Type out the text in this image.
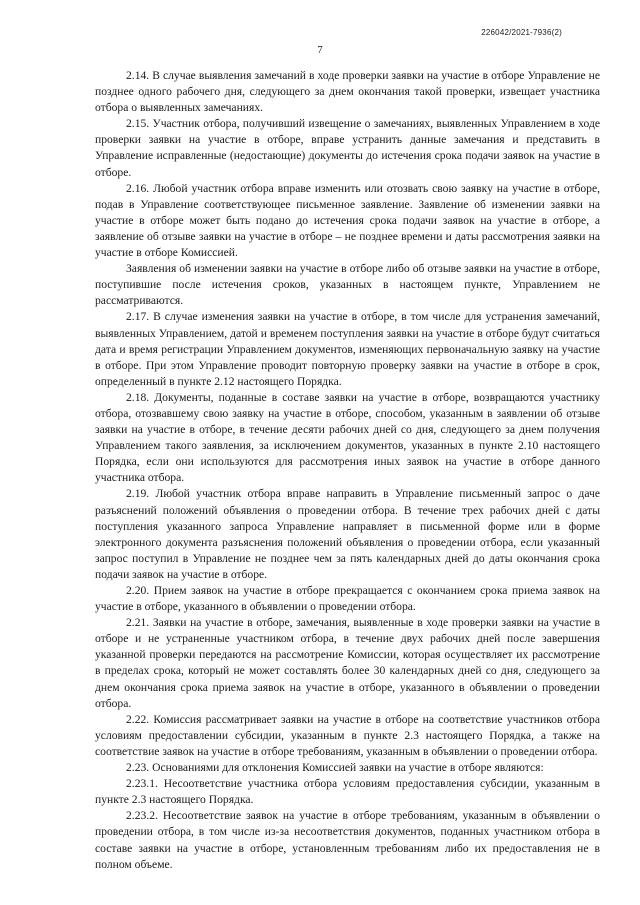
226042/2021-7936(2)
7

2.14. В случае выявления замечаний в ходе проверки заявки на участие в отборе Управление не позднее одного рабочего дня, следующего за днем окончания такой проверки, извещает участника отбора о выявленных замечаниях.

2.15. Участник отбора, получивший извещение о замечаниях, выявленных Управлением в ходе проверки заявки на участие в отборе, вправе устранить данные замечания и представить в Управление исправленные (недостающие) документы до истечения срока подачи заявок на участие в отборе.

2.16. Любой участник отбора вправе изменить или отозвать свою заявку на участие в отборе, подав в Управление соответствующее письменное заявление. Заявление об изменении заявки на участие в отборе может быть подано до истечения срока подачи заявок на участие в отборе, а заявление об отзыве заявки на участие в отборе – не позднее времени и даты рассмотрения заявки на участие в отборе Комиссией.

Заявления об изменении заявки на участие в отборе либо об отзыве заявки на участие в отборе, поступившие после истечения сроков, указанных в настоящем пункте, Управлением не рассматриваются.

2.17. В случае изменения заявки на участие в отборе, в том числе для устранения замечаний, выявленных Управлением, датой и временем поступления заявки на участие в отборе будут считаться дата и время регистрации Управлением документов, изменяющих первоначальную заявку на участие в отборе. При этом Управление проводит повторную проверку заявки на участие в отборе в срок, определенный в пункте 2.12 настоящего Порядка.

2.18. Документы, поданные в составе заявки на участие в отборе, возвращаются участнику отбора, отозвавшему свою заявку на участие в отборе, способом, указанным в заявлении об отзыве заявки на участие в отборе, в течение десяти рабочих дней со дня, следующего за днем получения Управлением такого заявления, за исключением документов, указанных в пункте 2.10 настоящего Порядка, если они используются для рассмотрения иных заявок на участие в отборе данного участника отбора.

2.19. Любой участник отбора вправе направить в Управление письменный запрос о даче разъяснений положений объявления о проведении отбора. В течение трех рабочих дней с даты поступления указанного запроса Управление направляет в письменной форме или в форме электронного документа разъяснения положений объявления о проведении отбора, если указанный запрос поступил в Управление не позднее чем за пять календарных дней до даты окончания срока подачи заявок на участие в отборе.

2.20. Прием заявок на участие в отборе прекращается с окончанием срока приема заявок на участие в отборе, указанного в объявлении о проведении отбора.

2.21. Заявки на участие в отборе, замечания, выявленные в ходе проверки заявки на участие в отборе и не устраненные участником отбора, в течение двух рабочих дней после завершения указанной проверки передаются на рассмотрение Комиссии, которая осуществляет их рассмотрение в пределах срока, который не может составлять более 30 календарных дней со дня, следующего за днем окончания срока приема заявок на участие в отборе, указанного в объявлении о проведении отбора.

2.22. Комиссия рассматривает заявки на участие в отборе на соответствие участников отбора условиям предоставлении субсидии, указанным в пункте 2.3 настоящего Порядка, а также на соответствие заявок на участие в отборе требованиям, указанным в объявлении о проведении отбора.

2.23. Основаниями для отклонения Комиссией заявки на участие в отборе являются:

2.23.1. Несоответствие участника отбора условиям предоставления субсидии, указанным в пункте 2.3 настоящего Порядка.

2.23.2. Несоответствие заявок на участие в отборе требованиям, указанным в объявлении о проведении отбора, в том числе из-за несоответствия документов, поданных участником отбора в составе заявки на участие в отборе, установленным требованиям либо их предоставления не в полном объеме.
